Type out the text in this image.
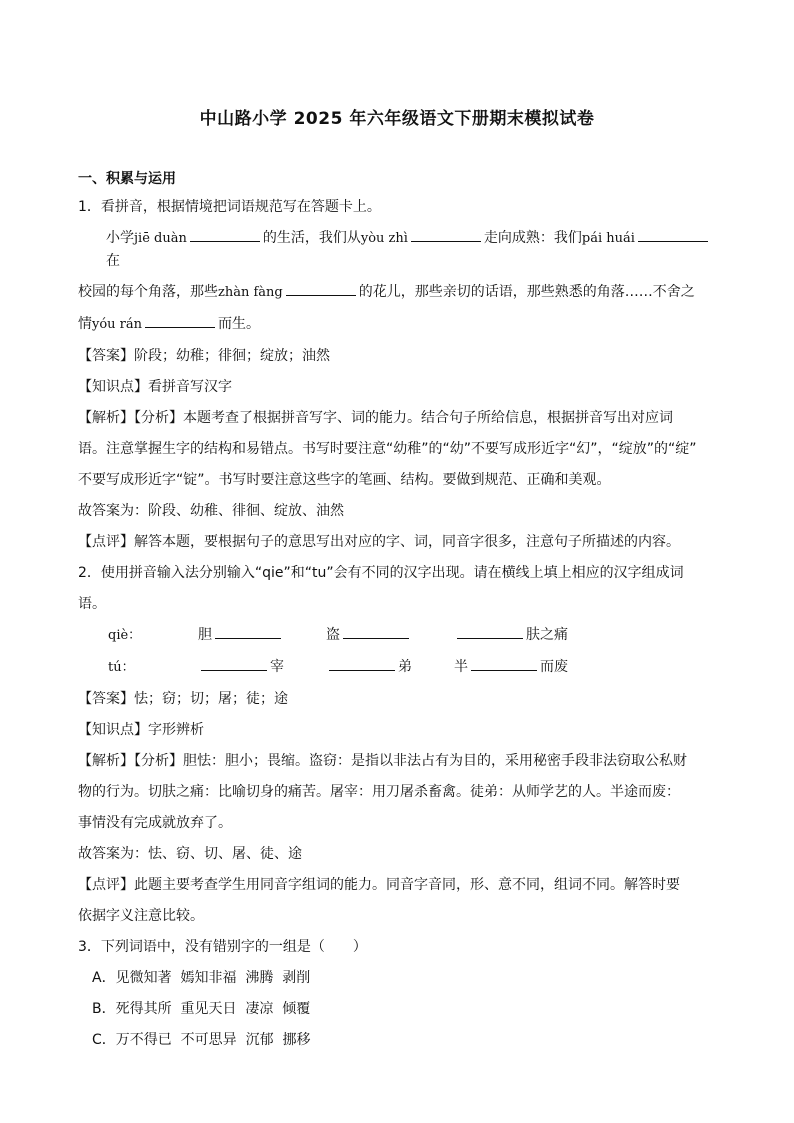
中山路小学 2025 年六年级语文下册期末模拟试卷

一、积累与运用

1．看拼音，根据情境把词语规范写在答题卡上。

小学jiē duàn	的生活，我们从yòu zhì	走向成熟：我们pái huái在

校园的每个角落，那些zhàn fàng	的花儿，那些亲切的话语，那些熟悉的角落……不舍之

情yóu rán	而生。

【答案】阶段；幼稚；徘徊；绽放；油然

【知识点】看拼音写汉字

【解析】【分析】本题考查了根据拼音写字、词的能力。结合句子所给信息，根据拼音写出对应词

语。注意掌握生字的结构和易错点。书写时要注意“幼稚”的“幼”不要写成形近字“幻”，“绽放”的“绽”

不要写成形近字“锭”。书写时要注意这些字的笔画、结构。要做到规范、正确和美观。

故答案为：阶段、幼稚、徘徊、绽放、油然

【点评】解答本题，要根据句子的意思写出对应的字、词，同音字很多，注意句子所描述的内容。

2．使用拼音输入法分别输入“qie”和“tu”会有不同的汉字出现。请在横线上填上相应的汉字组成词

语。

qiè：	胆	盗	肤之痛
tú：	宰	弟	半	而废

【答案】怯；窃；切；屠；徒；途

【知识点】字形辨析

【解析】【分析】胆怯：胆小；畏缩。盗窃：是指以非法占有为目的，采用秘密手段非法窃取公私财

物的行为。切肤之痛：比喻切身的痛苦。屠宰：用刀屠杀畜禽。徒弟：从师学艺的人。半途而废：

事情没有完成就放弃了。

故答案为：怯、窃、切、屠、徒、途

【点评】此题主要考查学生用同音字组词的能力。同音字音同，形、意不同，组词不同。解答时要

依据字义注意比较。

3．下列词语中，没有错别字的一组是（　　）

A．见微知著  嫣知非福  沸腾  剥削

B．死得其所  重见天日  凄凉  倾覆

C．万不得已  不可思异  沉郁  挪移
